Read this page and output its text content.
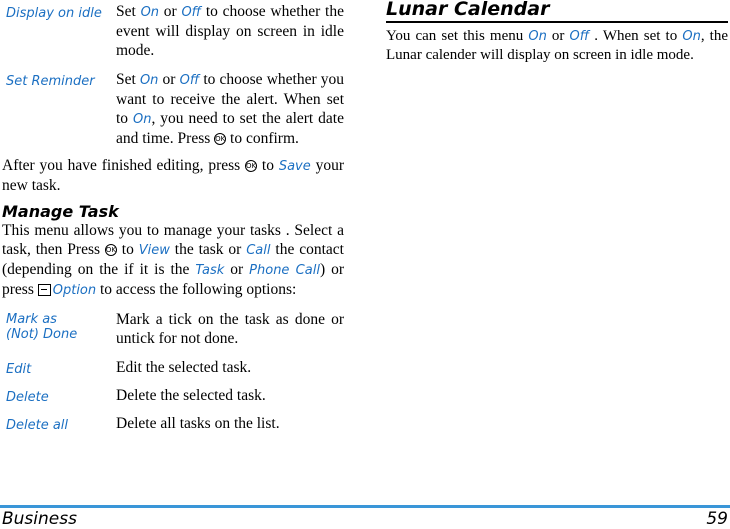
Display on idle	Set On or Off to choose whether the event will display on screen in idle mode.
Set Reminder	Set On or Off to choose whether you want to receive the alert. When set to On, you need to set the alert date and time. Press OK to confirm.

After you have finished editing, press OK to Save your new task.

Manage Task

This menu allows you to manage your tasks . Select a task, then Press OK to View the task or Call the contact (depending on the if it is the Task or Phone Call) or press Option to access the following options:

Mark as (Not) Done	Mark a tick on the task as done or untick for not done.
Edit	Edit the selected task.
Delete	Delete the selected task.
Delete all	Delete all tasks on the list.
Lunar Calendar

You can set this menu On or Off . When set to On, the Lunar calender will display on screen in idle mode.

Business	59
